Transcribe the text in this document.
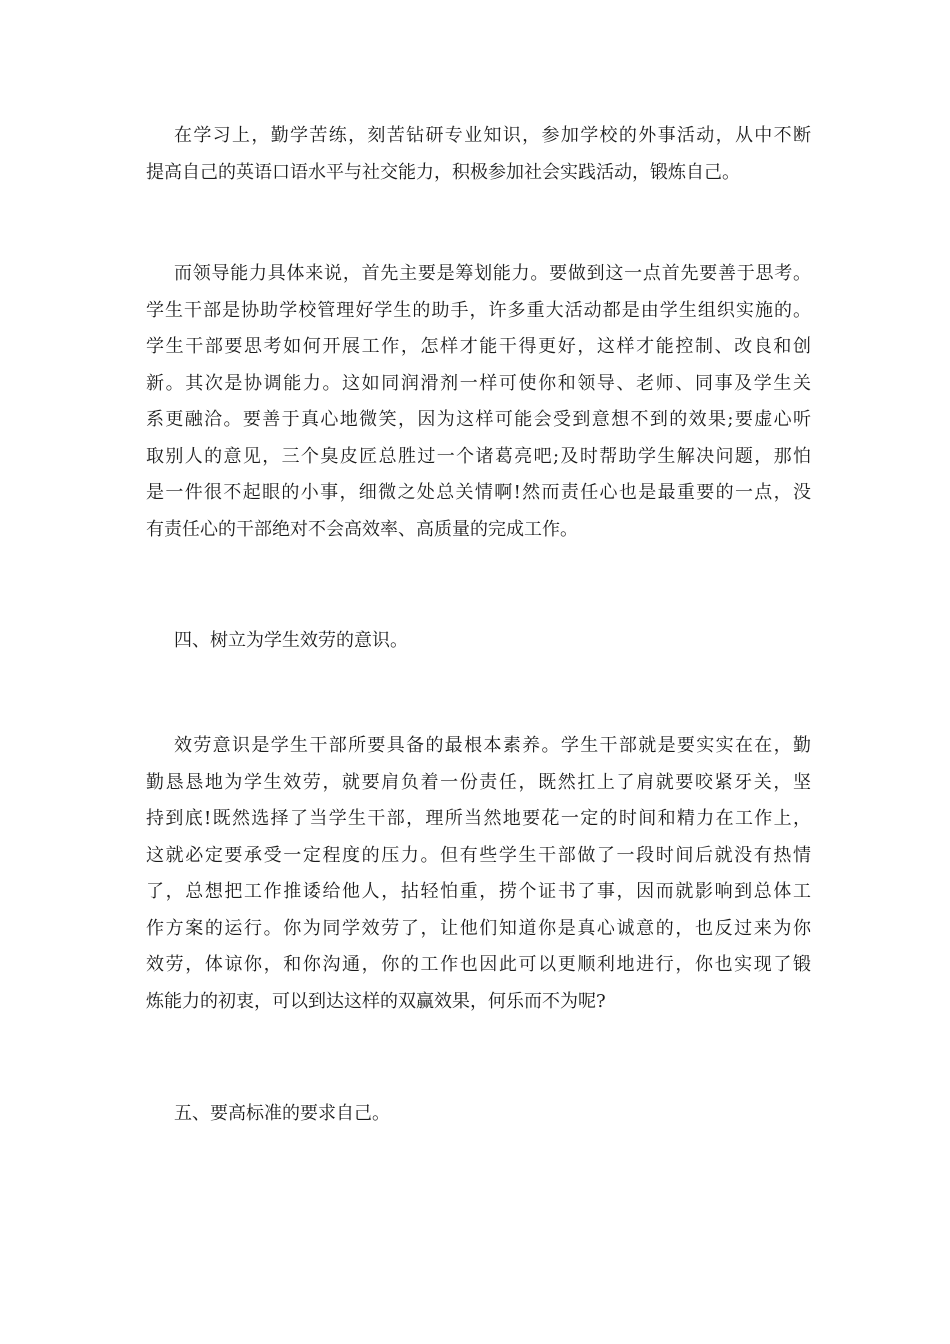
在学习上，勤学苦练，刻苦钻研专业知识，参加学校的外事活动，从中不断
提高自己的英语口语水平与社交能力，积极参加社会实践活动，锻炼自己。

而领导能力具体来说，首先主要是筹划能力。要做到这一点首先要善于思考。
学生干部是协助学校管理好学生的助手，许多重大活动都是由学生组织实施的。
学生干部要思考如何开展工作，怎样才能干得更好，这样才能控制、改良和创
新。其次是协调能力。这如同润滑剂一样可使你和领导、老师、同事及学生关
系更融洽。要善于真心地微笑，因为这样可能会受到意想不到的效果;要虚心听
取别人的意见，三个臭皮匠总胜过一个诸葛亮吧;及时帮助学生解决问题，那怕
是一件很不起眼的小事，细微之处总关情啊!然而责任心也是最重要的一点，没
有责任心的干部绝对不会高效率、高质量的完成工作。

四、树立为学生效劳的意识。

效劳意识是学生干部所要具备的最根本素养。学生干部就是要实实在在，勤
勤恳恳地为学生效劳，就要肩负着一份责任，既然扛上了肩就要咬紧牙关，坚
持到底!既然选择了当学生干部，理所当然地要花一定的时间和精力在工作上，
这就必定要承受一定程度的压力。但有些学生干部做了一段时间后就没有热情
了，总想把工作推诿给他人，拈轻怕重，捞个证书了事，因而就影响到总体工
作方案的运行。你为同学效劳了，让他们知道你是真心诚意的，也反过来为你
效劳，体谅你，和你沟通，你的工作也因此可以更顺利地进行，你也实现了锻
炼能力的初衷，可以到达这样的双赢效果，何乐而不为呢?

五、要高标准的要求自己。
